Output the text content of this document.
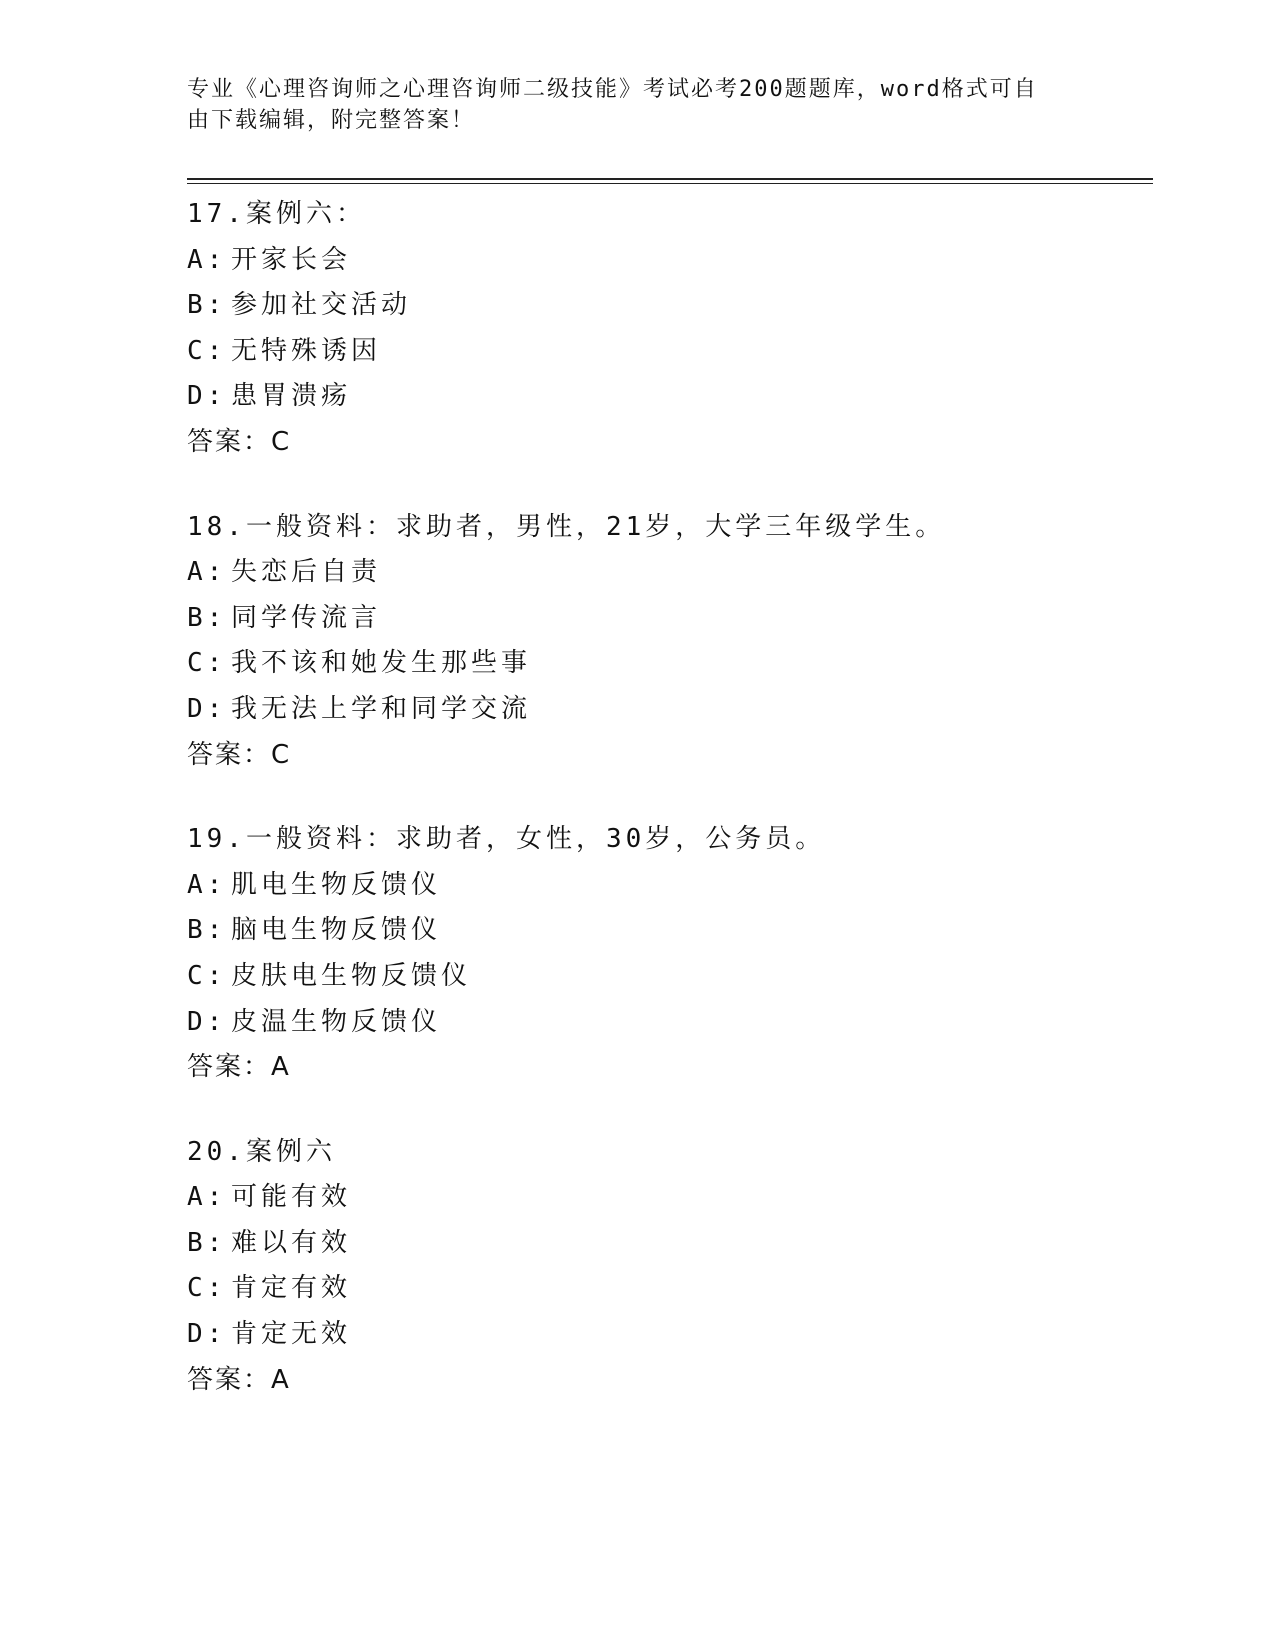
专业《心理咨询师之心理咨询师二级技能》考试必考200题题库，word格式可自
由下载编辑，附完整答案！
17.案例六：
A: 开家长会
B: 参加社交活动
C: 无特殊诱因
D: 患胃溃疡
答案：C
18.一般资料：求助者，男性，21岁，大学三年级学生。
A: 失恋后自责
B: 同学传流言
C: 我不该和她发生那些事
D: 我无法上学和同学交流
答案：C
19.一般资料：求助者，女性，30岁，公务员。
A: 肌电生物反馈仪
B: 脑电生物反馈仪
C: 皮肤电生物反馈仪
D: 皮温生物反馈仪
答案：A
20.案例六
A: 可能有效
B: 难以有效
C: 肯定有效
D: 肯定无效
答案：A
